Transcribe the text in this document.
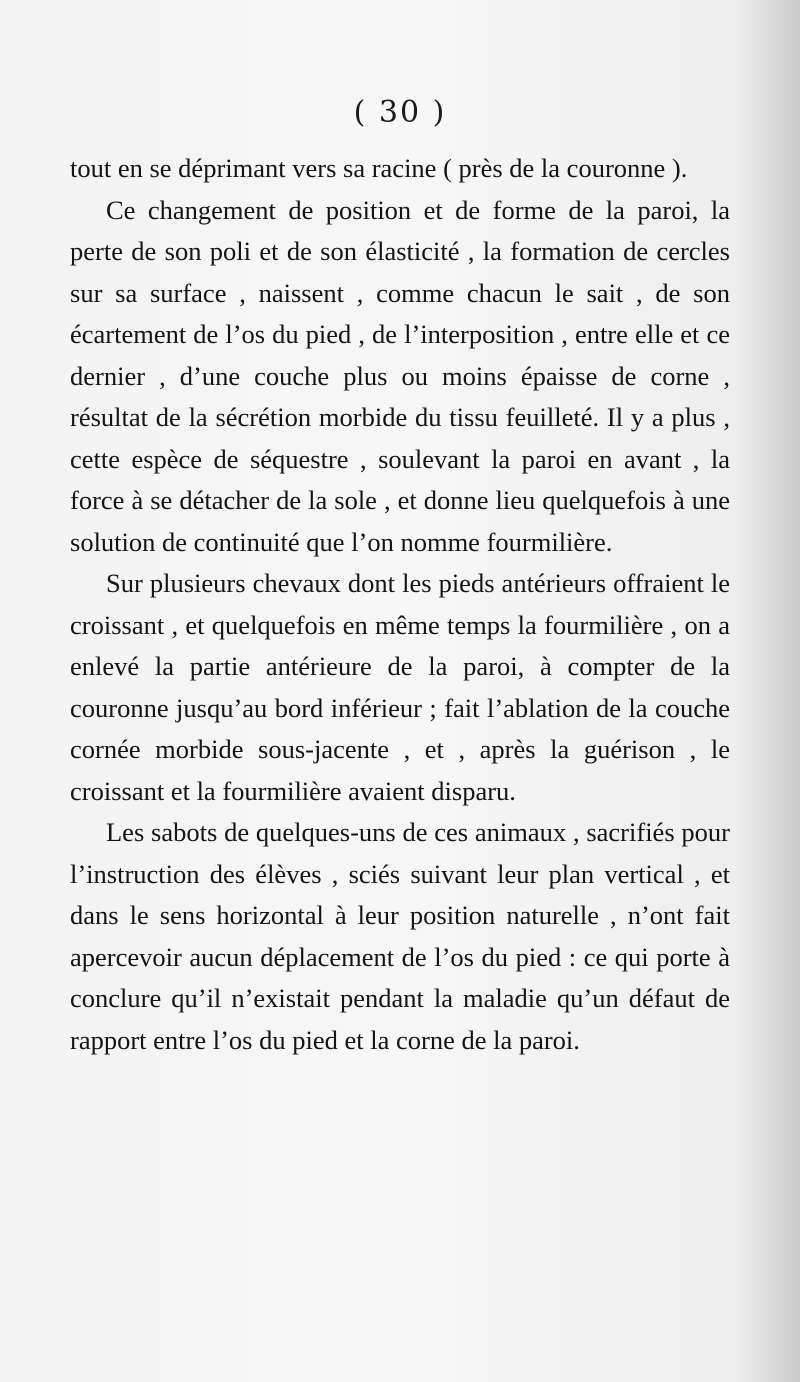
( 30 )

tout en se déprimant vers sa racine ( près de la couronne ).

Ce changement de position et de forme de la paroi, la perte de son poli et de son élasticité , la formation de cercles sur sa surface , naissent , comme chacun le sait , de son écartement de l’os du pied , de l’interposition , entre elle et ce dernier , d’une couche plus ou moins épaisse de corne , résultat de la sécrétion morbide du tissu feuilleté. Il y a plus , cette espèce de séquestre , soulevant la paroi en avant , la force à se détacher de la sole , et donne lieu quelquefois à une solution de continuité que l’on nomme fourmilière.

Sur plusieurs chevaux dont les pieds antérieurs offraient le croissant , et quelquefois en même temps la fourmilière , on a enlevé la partie antérieure de la paroi, à compter de la couronne jusqu’au bord inférieur ; fait l’ablation de la couche cornée morbide sous-jacente , et , après la guérison , le croissant et la fourmilière avaient disparu.

Les sabots de quelques-uns de ces animaux , sacrifiés pour l’instruction des élèves , sciés suivant leur plan vertical , et dans le sens horizontal à leur position naturelle , n’ont fait apercevoir aucun déplacement de l’os du pied : ce qui porte à conclure qu’il n’existait pendant la maladie qu’un défaut de rapport entre l’os du pied et la corne de la paroi.
